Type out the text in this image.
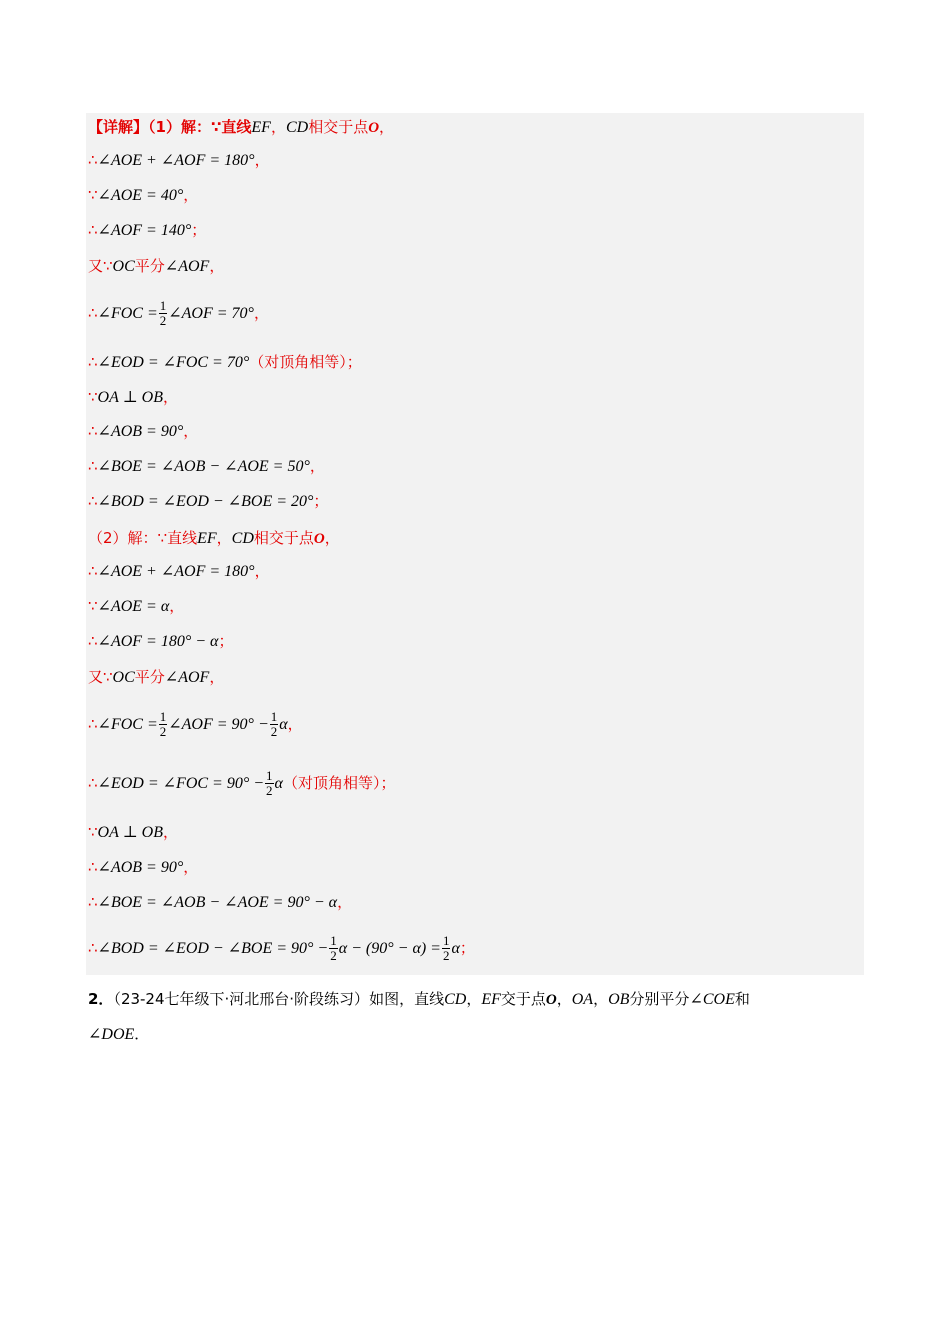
【详解】（1）解：∵直线EF，CD相交于点O，
∴∠AOE + ∠AOF = 180°，
∵∠AOE = 40°，
∴∠AOF = 140°；
又∵OC平分∠AOF，
∴∠FOC = $\frac{1}{2}$ ∠AOF = 70°，
∴∠EOD = ∠FOC = 70°（对顶角相等）；
∵OA ⊥ OB，
∴∠AOB = 90°，
∴∠BOE = ∠AOB − ∠AOE = 50°，
∴∠BOD = ∠EOD − ∠BOE = 20°；
（2）解：∵直线EF，CD相交于点O，
∴∠AOE + ∠AOF = 180°，
∵∠AOE = α，
∴∠AOF = 180° − α；
又∵OC平分∠AOF，
∴∠FOC = $\frac{1}{2}$ ∠AOF = $90^\circ - \frac{1}{2}$ α，
∴∠EOD = ∠FOC = $90^\circ - \frac{1}{2} \alpha$（对顶角相等）；
∵OA ⊥ OB，
∴∠AOB = 90°，
∴∠BOE = ∠AOB − ∠AOE = 90° − α，
∴∠BOD = ∠EOD − ∠BOE = $90^\circ - \frac{1}{2}$ $\alpha - (90^\circ - \alpha) = \frac{1}{2}$ α；
2．（23-24七年级下·河北邢台·阶段练习）如图，直线CD，EF交于点O，OA，OB分别平分∠COE和
∠DOE．
